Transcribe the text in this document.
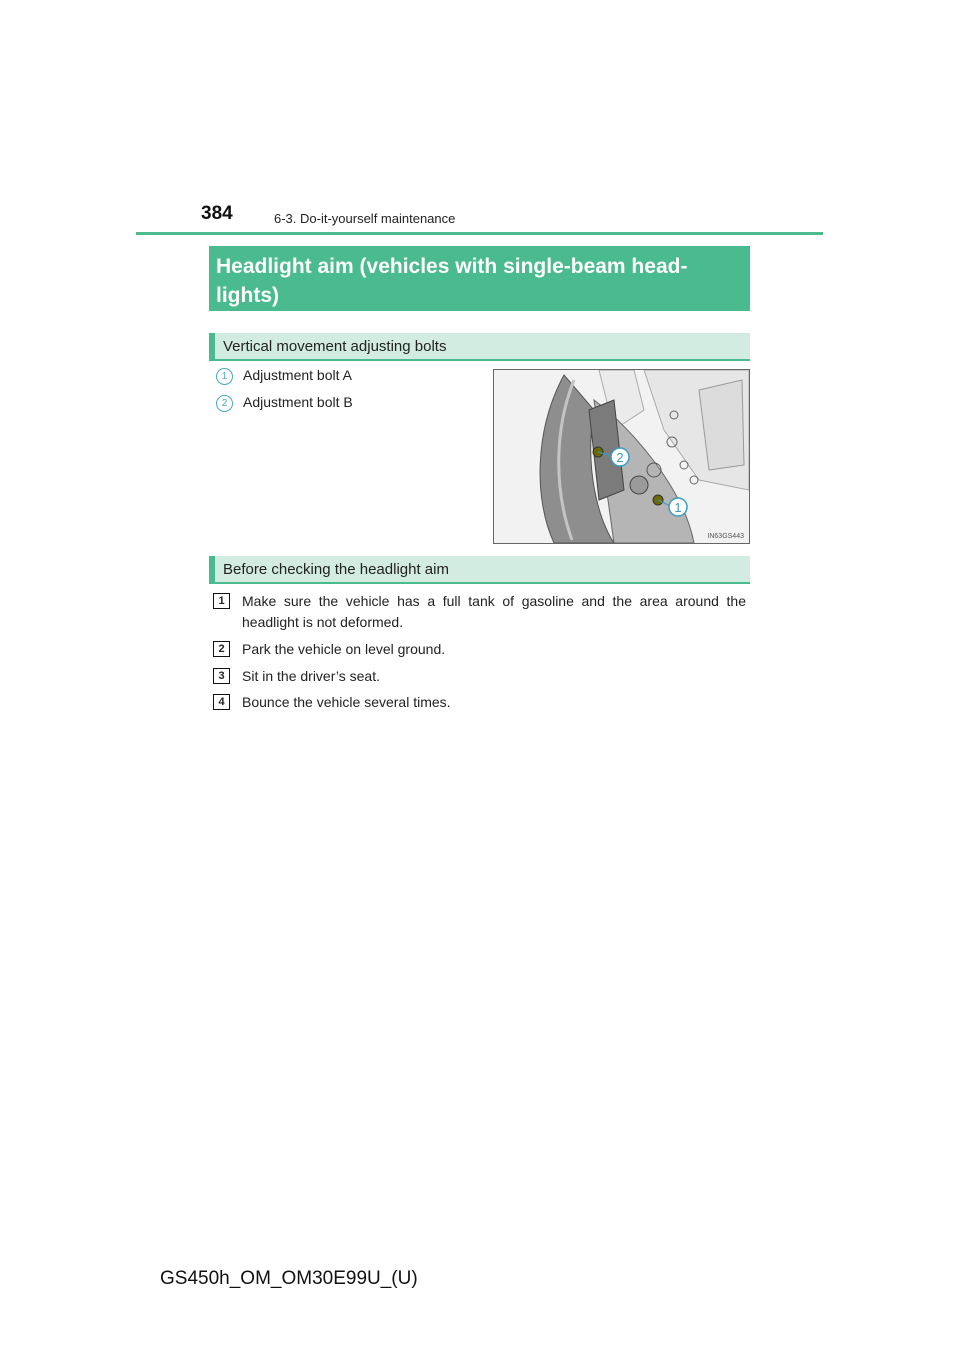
384	6-3. Do-it-yourself maintenance
Headlight aim (vehicles with single-beam head-lights)
Vertical movement adjusting bolts
1	Adjustment bolt A
2	Adjustment bolt B
2
1
IN63GS443
Before checking the headlight aim
1	Make sure the vehicle has a full tank of gasoline and the area around the headlight is not deformed.
2	Park the vehicle on level ground.
3	Sit in the driver’s seat.
4	Bounce the vehicle several times.
GS450h_OM_OM30E99U_(U)
